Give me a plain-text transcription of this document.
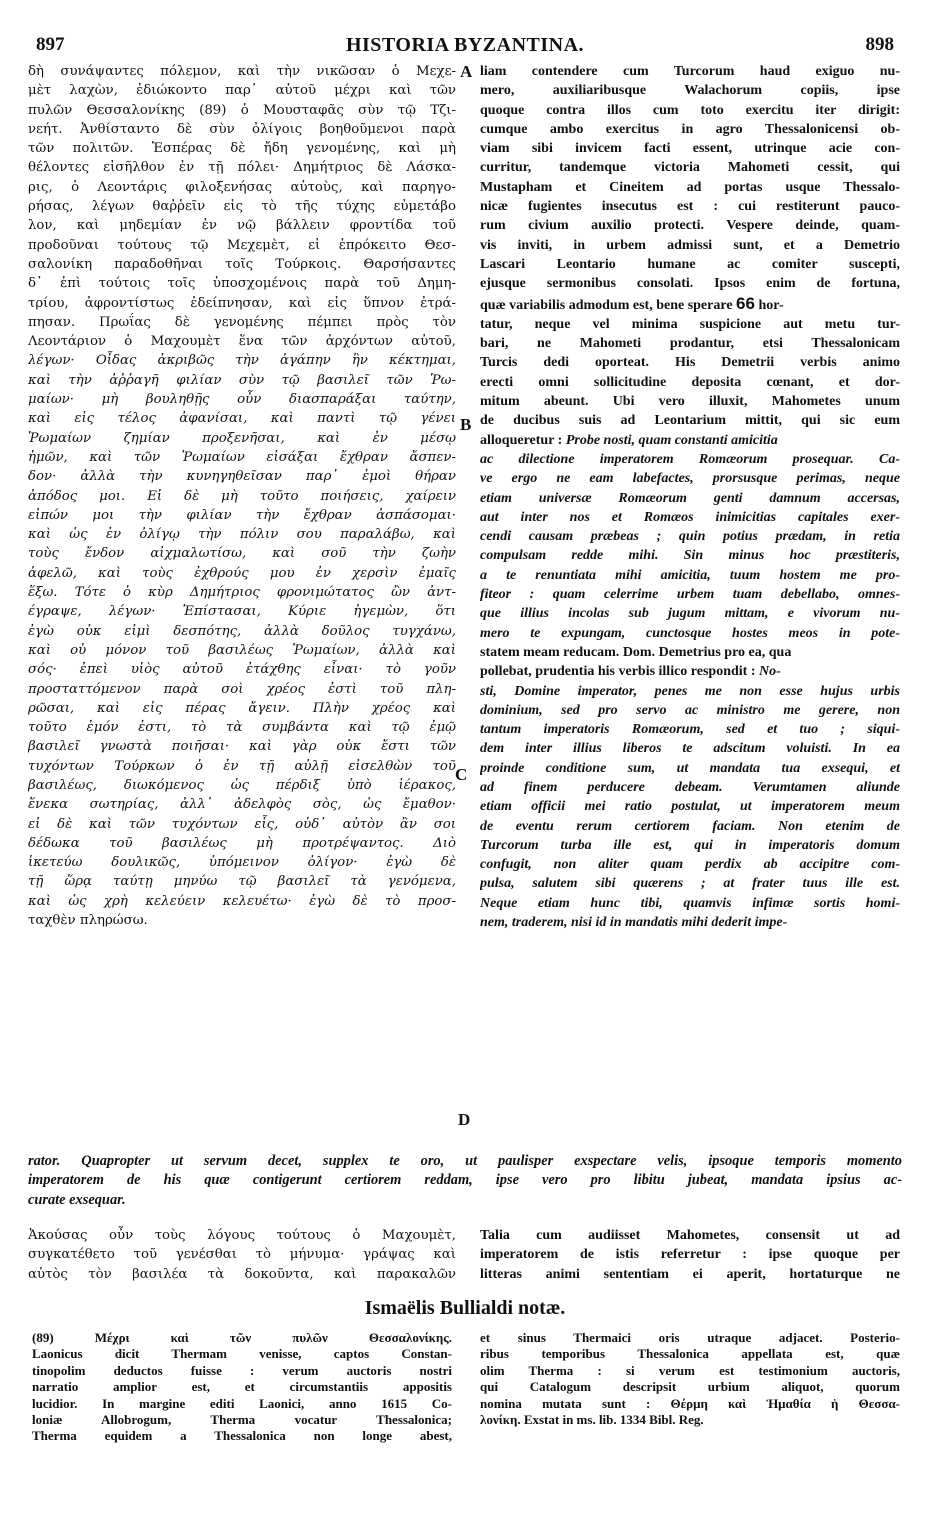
897	HISTORIA BYZANTINA.	898
δὴ συνάψαντες πόλεμον, καὶ τὴν νικῶσαν ὁ Μεχε-
μὲτ λαχὼν, ἐδιώκοντο παρ᾽ αὐτοῦ μέχρι καὶ τῶν
πυλῶν Θεσσαλονίκης (89) ὁ Μουσταφᾶς σὺν τῷ Τζι-
νεήτ. Ἀνθίσταντο δὲ σὺν ὀλίγοις βοηθοῦμενοι παρὰ
τῶν πολιτῶν. Ἑσπέρας δὲ ἤδη γενομένης, καὶ μὴ
θέλοντες εἰσῆλθον ἐν τῇ πόλει· Δημήτριος δὲ Λάσκα-
ρις, ὁ Λεοντάρις φιλοξενήσας αὐτοὺς, καὶ παρηγο-
ρήσας, λέγων θαῤῥεῖν εἰς τὸ τῆς τύχης εὐμετάβο
λον, καὶ μηδεμίαν ἐν νῷ βάλλειν φροντίδα τοῦ
προδοῦναι τούτους τῷ Μεχεμὲτ, εἰ ἐπρόκειτο Θεσ-
σαλονίκη παραδοθῆναι τοῖς Τούρκοις. Θαρσήσαντες
δ᾽ ἐπὶ τούτοις τοῖς ὑποσχομένοις παρὰ τοῦ Δημη-
τρίου, ἀφροντίστως ἐδείπνησαν, καὶ εἰς ὕπνον ἐτρά-
πησαν. Πρωΐας δὲ γενομένης πέμπει πρὸς τὸν
Λεοντάριον ὁ Μαχουμὲτ ἕνα τῶν ἀρχόντων αὐτοῦ,
λέγων· Οἶδας ἀκριβῶς τὴν ἀγάπην ἣν κέκτημαι,
καὶ τὴν ἀῤῥαγῆ φιλίαν σὺν τῷ βασιλεῖ τῶν Ῥω-
μαίων· μὴ βουληθῇς οὖν διασπαράξαι ταύτην,
καὶ εἰς τέλος ἀφανίσαι, καὶ παντὶ τῷ γένει
Ῥωμαίων ζημίαν προξενῆσαι, καὶ ἐν μέσῳ
ἡμῶν, καὶ τῶν Ῥωμαίων εἰσάξαι ἔχθραν ἄσπεν-
δον· ἀλλὰ τὴν κυνηγηθεῖσαν παρ᾽ ἐμοὶ θήραν
ἀπόδος μοι. Εἰ δὲ μὴ τοῦτο ποιήσεις, χαίρειν
εἰπών μοι τὴν φιλίαν τὴν ἔχθραν ἀσπάσομαι·
καὶ ὡς ἐν ὀλίγῳ τὴν πόλιν σου παραλάβω, καὶ
τοὺς ἔνδον αἰχμαλωτίσω, καὶ σοῦ τὴν ζωὴν
ἀφελῶ, καὶ τοὺς ἐχθρούς μου ἐν χερσὶν ἐμαῖς
ἕξω. Τότε ὁ κὺρ Δημήτριος φρονιμώτατος ὢν ἀντ-
έγραψε, λέγων· Ἐπίστασαι, Κύριε ἡγεμὼν, ὅτι
ἐγὼ οὐκ εἰμὶ δεσπότης, ἀλλὰ δοῦλος τυγχάνω,
καὶ οὐ μόνον τοῦ βασιλέως Ῥωμαίων, ἀλλὰ καὶ
σός· ἐπεὶ υἱὸς αὐτοῦ ἐτάχθης εἶναι· τὸ γοῦν
προσταττόμενον παρὰ σοὶ χρέος ἐστὶ τοῦ πλη-
ρῶσαι, καὶ εἰς πέρας ἄγειν. Πλὴν χρέος καὶ
τοῦτο ἐμόν ἐστι, τὸ τὰ συμβάντα καὶ τῷ ἐμῷ
βασιλεῖ γνωστὰ ποιῆσαι· καὶ γὰρ οὐκ ἔστι τῶν
τυχόντων Τούρκων ὁ ἐν τῇ αὐλῇ εἰσελθὼν τοῦ
βασιλέως, διωκόμενος ὡς πέρδιξ ὑπὸ ἱέρακος,
ἕνεκα σωτηρίας, ἀλλ᾽ ἀδελφὸς σὸς, ὡς ἔμαθον·
εἰ δὲ καὶ τῶν τυχόντων εἷς, οὐδ᾽ αὐτὸν ἂν σοι
δέδωκα τοῦ βασιλέως μὴ προτρέψαντος. Διὸ
ἱκετεύω δουλικῶς, ὑπόμεινον ὀλίγον· ἐγὼ δὲ
τῇ ὥρᾳ ταύτῃ μηνύω τῷ βασιλεῖ τὰ γενόμενα,
καὶ ὡς χρὴ κελεύειν κελευέτω· ἐγὼ δὲ τὸ προσ-
ταχθὲν πληρώσω.
liam contendere cum Turcorum haud exiguo nu-
mero, auxiliaribusque Walachorum copiis, ipse
quoque contra illos cum toto exercitu iter dirigit:
cumque ambo exercitus in agro Thessalonicensi ob-
viam sibi invicem facti essent, utrinque acie con-
curritur, tandemque victoria Mahometi cessit, qui
Mustapham et Cineitem ad portas usque Thessalo-
nicæ fugientes insecutus est : cui restiterunt pauco-
rum civium auxilio protecti. Vespere deinde, quam-
vis inviti, in urbem admissi sunt, et a Demetrio
Lascari Leontario humane ac comiter suscepti,
ejusque sermonibus consolati. Ipsos enim de fortuna,
quæ variabilis admodum est, bene sperare 66 hor-
tatur, neque vel minima suspicione aut metu tur-
bari, ne Mahometi prodantur, etsi Thessalonicam
Turcis dedi oporteat. His Demetrii verbis animo
erecti omni sollicitudine deposita cœnant, et dor-
mitum abeunt. Ubi vero illuxit, Mahometes unum
de ducibus suis ad Leontarium mittit, qui sic eum
alloqueretur : Probe nosti, quam constanti amicitia
ac dilectione imperatorem Romæorum prosequar. Ca-
ve ergo ne eam labefactes, prorsusque perimas, neque
etiam universæ Romæorum genti damnum accersas,
aut inter nos et Romæos inimicitias capitales exer-
cendi causam præbeas ; quin potius prædam, in retia
compulsam redde mihi. Sin minus hoc præstiteris,
a te renuntiata mihi amicitia, tuum hostem me pro-
fiteor : quam celerrime urbem tuam debellabo, omnes-
que illius incolas sub jugum mittam, e vivorum nu-
mero te expungam, cunctosque hostes meos in pote-
statem meam reducam. Dom. Demetrius pro ea, qua
pollebat, prudentia his verbis illico respondit : No-
sti, Domine imperator, penes me non esse hujus urbis
dominium, sed pro servo ac ministro me gerere, non
tantum imperatoris Romæorum, sed et tuo ; siqui-
dem inter illius liberos te adscitum voluisti. In ea
proinde conditione sum, ut mandata tua exsequi, et
ad finem perducere debeam. Verumtamen aliunde
etiam officii mei ratio postulat, ut imperatorem meum
de eventu rerum certiorem faciam. Non etenim de
Turcorum turba ille est, qui in imperatoris domum
confugit, non aliter quam perdix ab accipitre com-
pulsa, salutem sibi quærens ; at frater tuus ille est.
Neque etiam hunc tibi, quamvis infimæ sortis homi-
nem, traderem, nisi id in mandatis mihi dederit impe-
A
B
C
D
rator. Quapropter ut servum decet, supplex te oro, ut paulisper exspectare velis, ipsoque temporis momento
imperatorem de his quæ contigerunt certiorem reddam, ipse vero pro libitu jubeat, mandata ipsius ac-
curate exsequar.
Ἀκούσας οὖν τοὺς λόγους τούτους ὁ Μαχουμὲτ,
συγκατέθετο τοῦ γενέσθαι τὸ μήνυμα· γράψας καὶ
αὐτὸς τὸν βασιλέα τὰ δοκοῦντα, καὶ παρακαλῶν
Talia cum audiisset Mahometes, consensit ut ad
imperatorem de istis referretur : ipse quoque per
litteras animi sententiam ei aperit, hortaturque ne
Ismaëlis Bullialdi notæ.
(89) Μέχρι καὶ τῶν πυλῶν Θεσσαλονίκης.
Laonicus dicit Thermam venisse, captos Constan-
tinopolim deductos fuisse : verum auctoris nostri
narratio amplior est, et circumstantiis appositis
lucidior. In margine editi Laonici, anno 1615 Co-
loniæ Allobrogum, Therma vocatur Thessalonica;
Therma equidem a Thessalonica non longe abest,
et sinus Thermaici oris utraque adjacet. Posterio-
ribus temporibus Thessalonica appellata est, quæ
olim Therma : si verum est testimonium auctoris,
qui Catalogum descripsit urbium aliquot, quorum
nomina mutata sunt : Θέρμη καὶ Ἠμαθία ἡ Θεσσα-
λονίκη. Exstat in ms. lib. 1334 Bibl. Reg.
